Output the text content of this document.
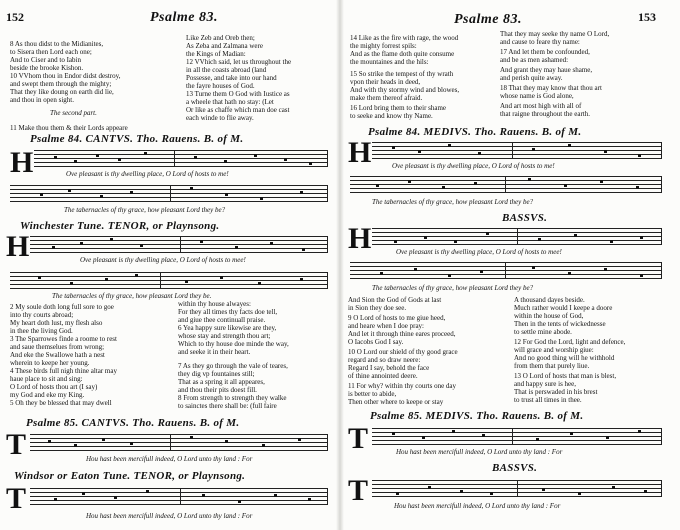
152	Psalme 83.
8 As thou didst to the Midianites,
to Sisera then Lord each one;
And to Ciser and to Iabin
beside the brooke Kishon.
10 VVhom thou in Endor didst destroy,
and swept them through the mighty;
That they like doung on earth did lie,
and thou in open sight.
The second part.
11 Make thou them & their Lords appeare
Like Zeb and Oreb then;
As Zeba and Zalmana were
the Kings of Madian:
12 VVhich said, let us throughout the
in all the coasts abroad (land
Possesse, and take into our hand
the fayre houses of God.
13 Turne them O God with Iustice as
a wheele that hath no stay: (Let
Or like as chaffe which man doe cast
each winde to flie away.
Psalme 84. CANTVS. Tho. Rauens. B. of M.
H	Ove pleasant is thy dwelling place, O Lord of hosts to me!
The tabernacles of thy grace, how pleasant Lord they be?
Winchester Tune. TENOR, or Playnsong.
H	Ove pleasant is thy dwelling place, O Lord of hosts to mee!
The tabernacles of thy grace, how pleasant Lord they be.
2 My soule doth long full sore to goe
into thy courts abroad;
My heart doth lust, my flesh also
in thee the living God.
3 The Sparrowes finde a roome to rest
and saue themselues from wrong;
And eke the Swallowe hath a nest
wherein to keepe her young.
4 These birds full nigh thine altar may
haue place to sit and sing:
O Lord of hosts thou art (I say)
my God and eke my King.
5 Oh they be blessed that may dwell
within thy house alwayes:
For they all times thy facts doe tell,
and giue thee continuall praise.
6 Yea happy sure likewise are they,
whose stay and strength thou art;
Which to thy house doe minde the way,
and seeke it in their heart.
7 As they go through the vale of teares,
they dig vp fountaines still;
That as a spring it all appeares,
and thou their pits doest fill.
8 From strength to strength they walke
to sainctes there shall be: (full faire
Psalme 85. CANTVS. Tho. Rauens. B. of M.
T	Hou hast been mercifull indeed, O Lord unto thy land : For
Windsor or Eaton Tune. TENOR, or Playnsong.
T
Hou hast been mercifull indeed, O Lord unto thy land : For
Psalme 83.	153
14 Like as the fire with rage, the wood
the mighty forrest spils:
And as the flame doth quite consume
the mountaines and the hils:
15 So strike the tempest of thy wrath
vpon their heads in deed,
And with thy stormy wind and blowes,
make them thereof afraid.
16 Lord bring them to their shame
to seeke and know thy Name.
That they may seeke thy name O Lord,
and cause to feare thy name:
17 And let them be confounded,
and be as men ashamed:
And grant they may haue shame,
and perish quite away.
18 That they may know that thou art
whose name is God alone,
And art most high with all of
that raigne throughout the earth.
Psalme 84. MEDIVS. Tho. Rauens. B. of M.
H	Ove pleasant is thy dwelling place, O Lord of hosts to me!
The tabernacles of thy grace, how pleasant Lord they be?
BASSVS.
H	Ove pleasant is thy dwelling place, O Lord of hosts to mee!
The tabernacles of thy grace, how pleasant Lord they be?
And Sion the God of Gods at last
in Sion they doe see.
9 O Lord of hosts to me giue heed,
and heare when I doe pray:
And let it through thine eares proceed,
O Iacobs God I say.
10 O Lord our shield of thy good grace
regard and so draw neere:
Regard I say, behold the face
of thine annointed deere.
11 For why? within thy courts one day
is better to abide,
Then other where to keepe or stay
A thousand dayes beside.
Much rather would I keepe a doore
within the house of God,
Then in the tents of wickednesse
to settle mine abode.
12 For God the Lord, light and defence,
will grace and worship giue:
And no good thing will he withhold
from them that purely liue.
13 O Lord of hosts that man is blest,
and happy sure is hee,
That is perswaded in his brest
to trust all times in thee.
Psalme 85. MEDIVS. Tho. Rauens. B. of M.
T	Hou hast been mercifull indeed, O Lord unto thy land : For
BASSVS.
T	Hou hast been mercifull indeed, O Lord unto thy land : For
